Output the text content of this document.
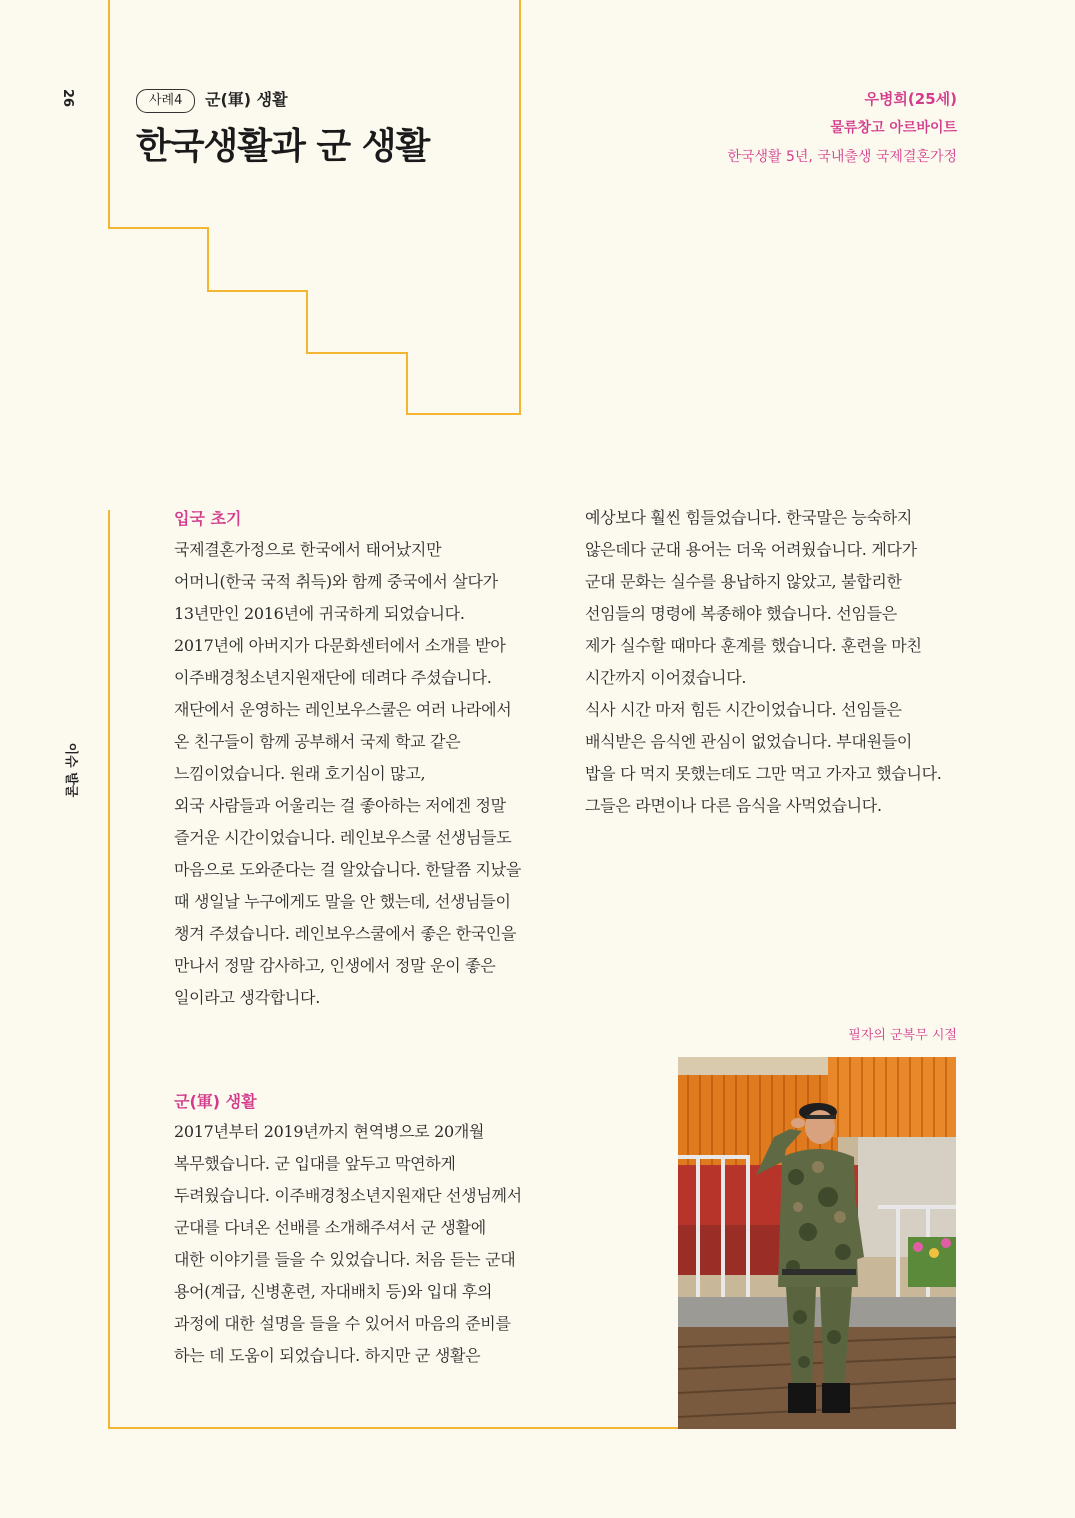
26
이슈 발굴
사례4	군(軍) 생활
한국생활과 군 생활
우병희(25세)
물류창고 아르바이트
한국생활 5년, 국내출생 국제결혼가정
입국 초기

국제결혼가정으로 한국에서 태어났지만

어머니(한국 국적 취득)와 함께 중국에서 살다가

13년만인 2016년에 귀국하게 되었습니다.

2017년에 아버지가 다문화센터에서 소개를 받아

이주배경청소년지원재단에 데려다 주셨습니다.

재단에서 운영하는 레인보우스쿨은 여러 나라에서

온 친구들이 함께 공부해서 국제 학교 같은

느낌이었습니다. 원래 호기심이 많고,

외국 사람들과 어울리는 걸 좋아하는 저에겐 정말

즐거운 시간이었습니다. 레인보우스쿨 선생님들도

마음으로 도와준다는 걸 알았습니다. 한달쯤 지났을

때 생일날 누구에게도 말을 안 했는데, 선생님들이

챙겨 주셨습니다. 레인보우스쿨에서 좋은 한국인을

만나서 정말 감사하고, 인생에서 정말 운이 좋은

일이라고 생각합니다.

군(軍) 생활

2017년부터 2019년까지 현역병으로 20개월

복무했습니다. 군 입대를 앞두고 막연하게

두려웠습니다. 이주배경청소년지원재단 선생님께서

군대를 다녀온 선배를 소개해주셔서 군 생활에

대한 이야기를 들을 수 있었습니다. 처음 듣는 군대

용어(계급, 신병훈련, 자대배치 등)와 입대 후의

과정에 대한 설명을 들을 수 있어서 마음의 준비를

하는 데 도움이 되었습니다. 하지만 군 생활은

예상보다 훨씬 힘들었습니다. 한국말은 능숙하지

않은데다 군대 용어는 더욱 어려웠습니다. 게다가

군대 문화는 실수를 용납하지 않았고, 불합리한

선임들의 명령에 복종해야 했습니다. 선임들은

제가 실수할 때마다 훈계를 했습니다. 훈련을 마친

시간까지 이어졌습니다.

식사 시간 마저 힘든 시간이었습니다. 선임들은

배식받은 음식엔 관심이 없었습니다. 부대원들이

밥을 다 먹지 못했는데도 그만 먹고 가자고 했습니다.

그들은 라면이나 다른 음식을 사먹었습니다.

필자의 군복무 시절
